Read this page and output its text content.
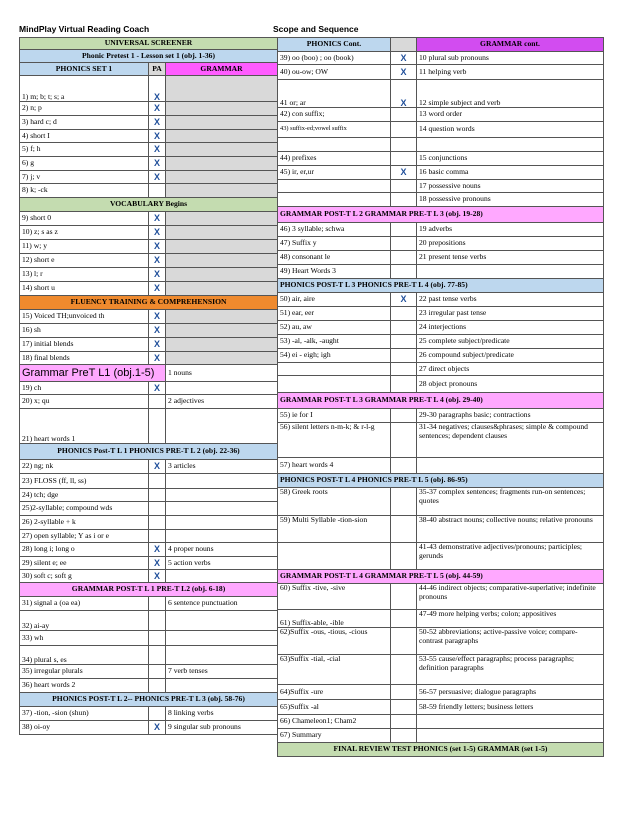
MindPlay Virtual Reading Coach	Scope and Sequence
UNIVERSAL SCREENER		
Phonic Pretest 1 - Lesson set 1 (obj. 1-36)		
PHONICS SET 1	PA	GRAMMAR
1) m; b; t; s; a	X	
2) n; p	X	
3) hard c; d	X	
4) short I	X	
5) f; h	X	
6) g	X	
7) j; v	X	
8) k; -ck		
VOCABULARY Begins		
9) short 0	X	
10) z; s as z	X	
11) w; y	X	
12) short e	X	
13) l; r	X	
14) short u	X	
FLUENCY TRAINING & COMPREHENSION		
15) Voiced TH;unvoiced th	X	
16) sh	X	
17) initial blends	X	
18) final blends	X	
Grammar PreT L1 (obj.1-5)		1 nouns
19) ch	X	
20) x; qu		2 adjectives
21) heart words 1		
PHONICS Post-T L 1 PHONICS PRE-T L 2 (obj. 22-36)		
22) ng; nk	X	3 articles
23) FLOSS (ff, ll, ss)		
24) tch; dge		
25)2-syllable; compound wds		
26) 2-syllable + k		
27) open syllable; Y as i or e		
28) long i; long o	X	4 proper nouns
29) silent e; ee	X	5 action verbs
30) soft c; soft g	X	
GRAMMAR POST-T L 1 PRE-T L2 (obj. 6-18)		
31) signal a (oa ea)		6 sentence punctuation
32) ai-ay		
33) wh		
34) plural s, es		
35) irregular plurals		7 verb tenses
36) heart words 2		
PHONICS POST-T L 2-- PHONICS PRE-T L 3 (obj. 58-76)		
37) -tion, -sion (shun)		8 linking verbs
38) oi-oy	X	9 singular sub pronouns
PHONICS Cont.		GRAMMAR cont.
39) oo (boo) ; oo (book)	X	10 plural sub pronouns
40) ou-ow; OW	X	11 helping verb
41 or; ar	X	12 simple subject and verb
42) con suffix;		13 word order
43) suffix-ed;vowel suffix		14 question words

44) prefixes		15 conjunctions
45) ir, er,ur	X	16 basic comma
		17 possessive nouns
		18 possessive pronouns
GRAMMAR POST-T L 2 GRAMMAR PRE-T L 3 (obj. 19-28)		
46) 3 syllable; schwa		19 adverbs
47) Suffix y		20 prepositions
48) consonant le		21 present tense verbs
49) Heart Words 3		
PHONICS POST-T L 3 PHONICS PRE-T L 4 (obj. 77-85)		
50) air, aire	X	22 past tense verbs
51) ear, eer		23 irregular past tense
52) au, aw		24 interjections
53) -al, -alk, -aught		25 complete subject/predicate
54) ei - eigh; igh		26 compound subject/predicate
		27 direct objects
		28 object pronouns
GRAMMAR POST-T L 3 GRAMMAR PRE-T L 4 (obj. 29-40)		
55) ie for I		29-30 paragraphs basic; contractions
56) silent letters n-m-k; & r-l-g		31-34 negatives; clauses&phrases; simple & compound sentences; dependent clauses
57) heart words 4		
PHONICS POST-T L 4 PHONICS PRE-T L 5 (obj. 86-95)		
58) Greek roots		35-37 complex sentences; fragments run-on sentences; quotes
59) Multi Syllable -tion-sion		38-40 abstract nouns; collective nouns; relative pronouns
		41-43 demonstrative adjectives/pronouns; participles; gerunds
GRAMMAR POST-T L 4 GRAMMAR PRE-T L 5 (obj. 44-59)		
60) Suffix -tive, -sive		44-46 indirect objects; comparative-superlative; indefinite pronouns
61) Suffix-able, -ible		47-49 more helping verbs; colon; appositives
62)Suffix -ous, -tious, -cious		50-52 abbreviations; active-passive voice; compare-contrast paragraphs
63)Suffix -tial, -cial		53-55 cause/effect paragraphs; process paragraphs; definition paragraphs
64)Suffix -ure		56-57 persuasive; dialogue paragraphs
65)Suffix -al		58-59 friendly letters; business letters
66) Chameleon1; Cham2		
67) Summary		
FINAL REVIEW TEST PHONICS (set 1-5) GRAMMAR (set 1-5)		
